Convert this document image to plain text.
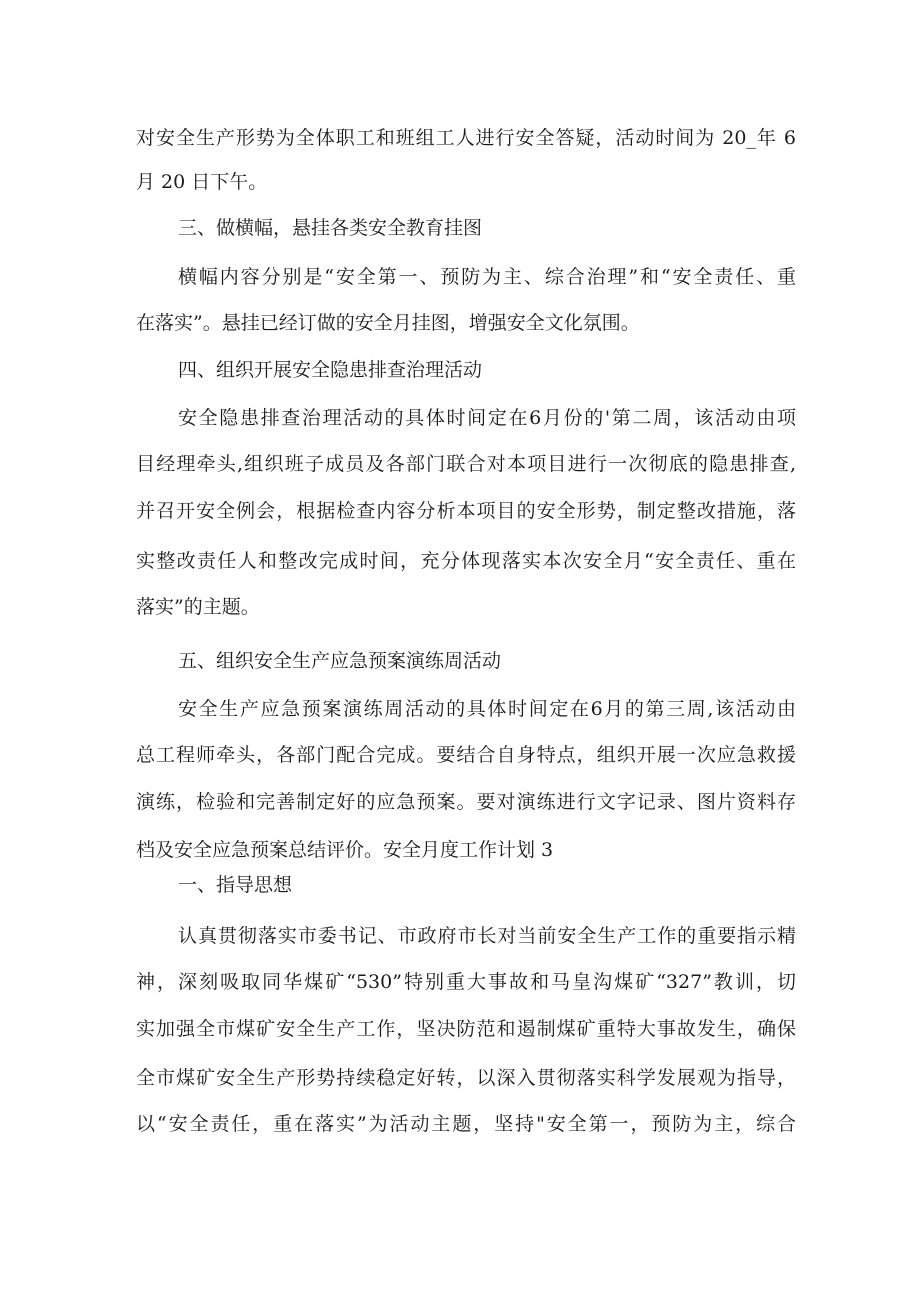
对安全生产形势为全体职工和班组工人进行安全答疑，活动时间为 20_年 6
月 20 日下午。
三、做横幅，悬挂各类安全教育挂图
横幅内容分别是“安全第一、预防为主、综合治理”和“安全责任、重
在落实”。悬挂已经订做的安全月挂图，增强安全文化氛围。
四、组织开展安全隐患排查治理活动
安全隐患排查治理活动的具体时间定在6月份的'第二周，该活动由项
目经理牵头,组织班子成员及各部门联合对本项目进行一次彻底的隐患排查,
并召开安全例会，根据检查内容分析本项目的安全形势，制定整改措施，落
实整改责任人和整改完成时间，充分体现落实本次安全月“安全责任、重在
落实”的主题。
五、组织安全生产应急预案演练周活动
安全生产应急预案演练周活动的具体时间定在6月的第三周,该活动由
总工程师牵头，各部门配合完成。要结合自身特点，组织开展一次应急救援
演练，检验和完善制定好的应急预案。要对演练进行文字记录、图片资料存
档及安全应急预案总结评价。安全月度工作计划 3
一、指导思想
认真贯彻落实市委书记、市政府市长对当前安全生产工作的重要指示精
神，深刻吸取同华煤矿“530”特别重大事故和马皇沟煤矿“327”教训，切
实加强全市煤矿安全生产工作，坚决防范和遏制煤矿重特大事故发生，确保
全市煤矿安全生产形势持续稳定好转，以深入贯彻落实科学发展观为指导，
以“安全责任，重在落实”为活动主题，坚持"安全第一，预防为主，综合
